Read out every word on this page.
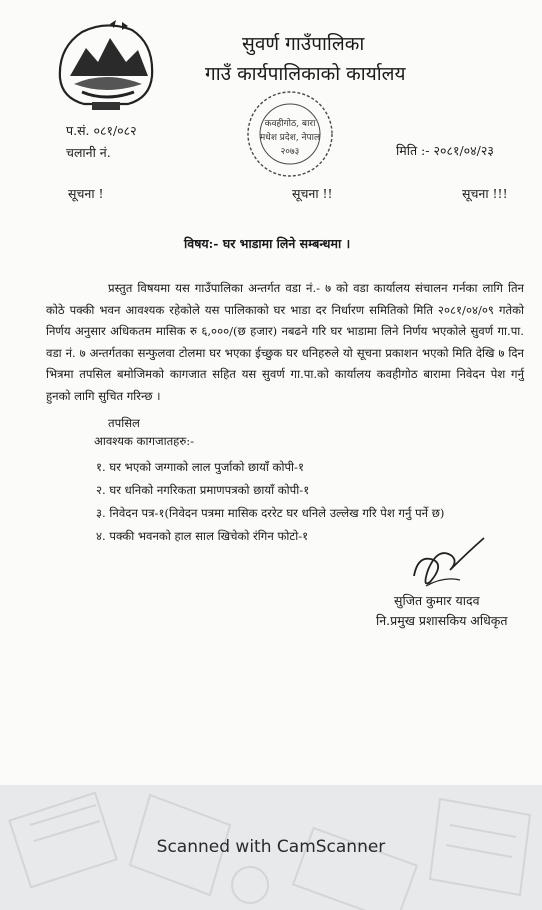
सुवर्ण गाउँपालिका
गाउँ कार्यपालिकाको कार्यालय
कवहीगोठ, बारा
मधेश प्रदेश, नेपाल
२०७३
प.सं. ०८१/०८२
चलानी नं.	मिति :- २०८१/०४/२३
सूचना !	सूचना !!	सूचना !!!
विषय:- घर भाडामा लिने सम्बन्धमा ।
प्रस्तुत विषयमा यस गाउँपालिका अन्तर्गत वडा नं.- ७ को वडा कार्यालय संचालन गर्नका लागि तिन कोठे पक्की भवन आवश्यक रहेकोले यस पालिकाको घर भाडा दर निर्धारण समितिको मिति २०८१/०४/०९ गतेको निर्णय अनुसार अधिकतम मासिक रु ६,०००/(छ हजार) नबढने गरि घर भाडामा लिने निर्णय भएकोले सुवर्ण गा.पा. वडा नं. ७ अन्तर्गतका सन्फुलवा टोलमा घर भएका ईच्छुक घर धनिहरुले यो सूचना प्रकाशन भएको मिति देखि ७ दिन भित्रमा तपसिल बमोजिमको कागजात सहित यस सुवर्ण गा.पा.को कार्यालय कवहीगोठ बारामा निवेदन पेश गर्नु हुनको लागि सुचित गरिन्छ ।
तपसिल
आवश्यक कागजातहरु:-
१. घर भएको जग्गाको लाल पुर्जाको छायाँ कोपी-१
२. घर धनिको नगरिकता प्रमाणपत्रको छायाँ कोपी-१
३. निवेदन पत्र-१(निवेदन पत्रमा मासिक दररेट घर धनिले उल्लेख गरि पेश गर्नु पर्ने छ)
४. पक्की भवनको हाल साल खिचेको रंगिन फोटो-१
सुजित कुमार यादव
नि.प्रमुख प्रशासकिय अधिकृत
Scanned with CamScanner
